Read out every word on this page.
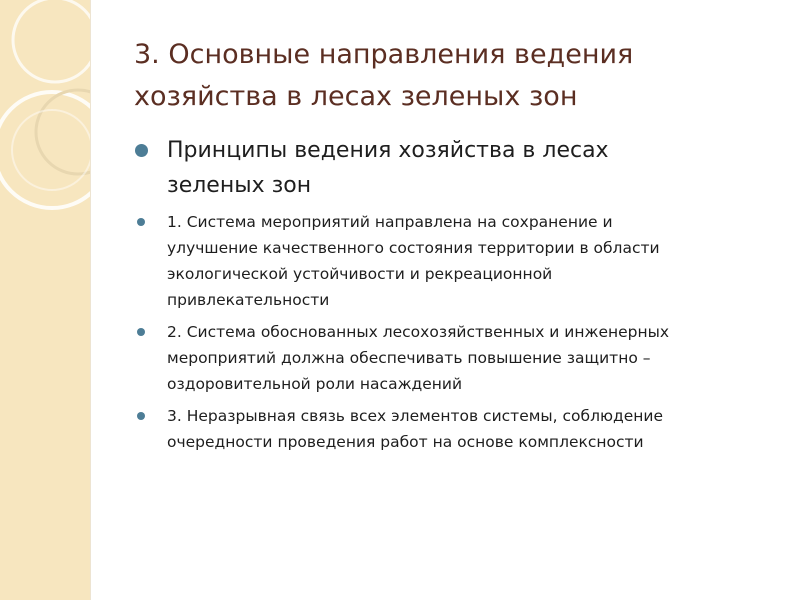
3. Основные направления ведения
хозяйства в лесах зеленых зон
Принципы ведения хозяйства в лесах
зеленых зон
1. Система мероприятий направлена на сохранение и
улучшение качественного состояния территории в области
экологической устойчивости и рекреационной
привлекательности
2. Система обоснованных лесохозяйственных и инженерных
мероприятий должна обеспечивать повышение защитно –
оздоровительной роли насаждений
3. Неразрывная связь всех элементов системы, соблюдение
очередности проведения работ на основе комплексности
